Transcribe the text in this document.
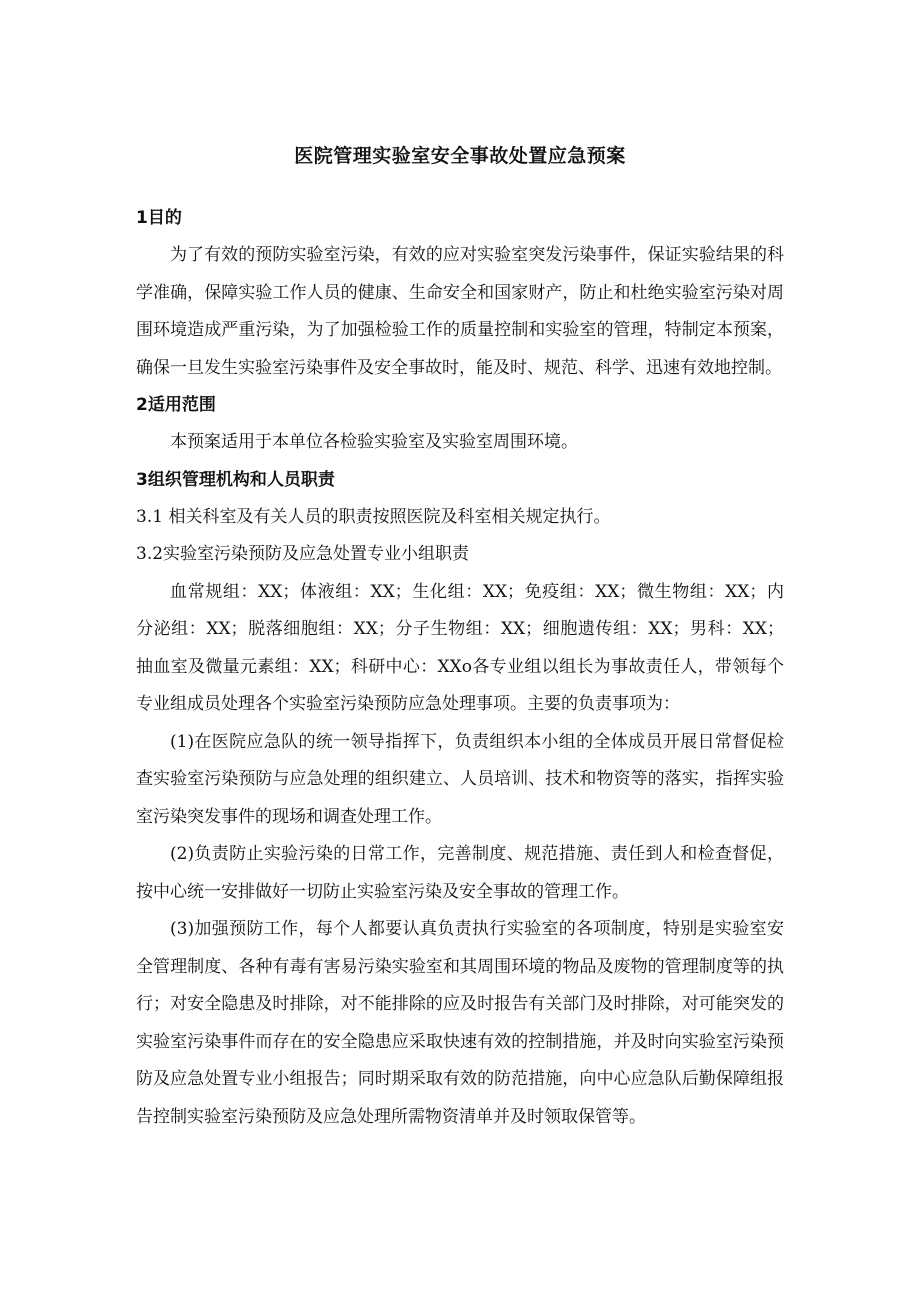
医院管理实验室安全事故处置应急预案
1目的

为了有效的预防实验室污染，有效的应对实验室突发污染事件，保证实验结果的科学准确，保障实验工作人员的健康、生命安全和国家财产，防止和杜绝实验室污染对周围环境造成严重污染，为了加强检验工作的质量控制和实验室的管理，特制定本预案，确保一旦发生实验室污染事件及安全事故时，能及时、规范、科学、迅速有效地控制。

2适用范围

本预案适用于本单位各检验实验室及实验室周围环境。

3组织管理机构和人员职责

3.1 相关科室及有关人员的职责按照医院及科室相关规定执行。

3.2实验室污染预防及应急处置专业小组职责

血常规组：XX；体液组：XX；生化组：XX；免疫组：XX；微生物组：XX；内分泌组：XX；脱落细胞组：XX；分子生物组：XX；细胞遗传组：XX；男科：XX；抽血室及微量元素组：XX；科研中心：XXo各专业组以组长为事故责任人，带领每个专业组成员处理各个实验室污染预防应急处理事项。主要的负责事项为：

(1)在医院应急队的统一领导指挥下，负责组织本小组的全体成员开展日常督促检查实验室污染预防与应急处理的组织建立、人员培训、技术和物资等的落实，指挥实验室污染突发事件的现场和调查处理工作。

(2)负责防止实验污染的日常工作，完善制度、规范措施、责任到人和检查督促，按中心统一安排做好一切防止实验室污染及安全事故的管理工作。

(3)加强预防工作，每个人都要认真负责执行实验室的各项制度，特别是实验室安全管理制度、各种有毒有害易污染实验室和其周围环境的物品及废物的管理制度等的执行；对安全隐患及时排除，对不能排除的应及时报告有关部门及时排除，对可能突发的实验室污染事件而存在的安全隐患应采取快速有效的控制措施，并及时向实验室污染预防及应急处置专业小组报告；同时期采取有效的防范措施，向中心应急队后勤保障组报告控制实验室污染预防及应急处理所需物资清单并及时领取保管等。
